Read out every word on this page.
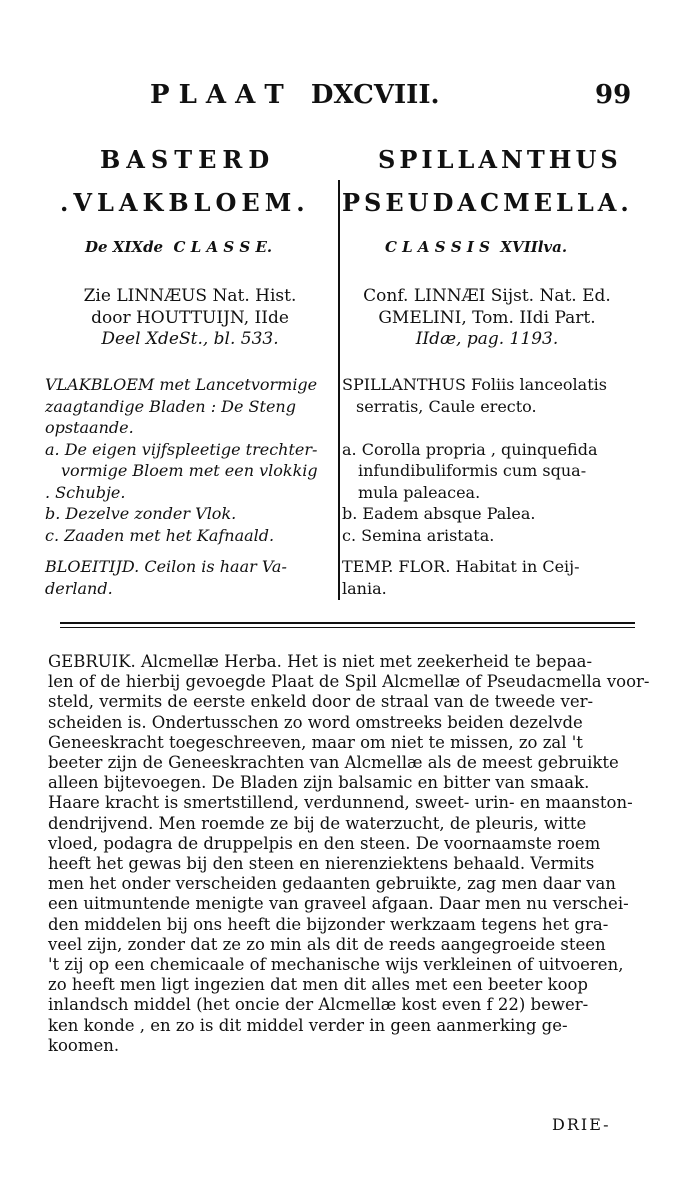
P L A A T   DXCVIII.	99
BASTERD
.VLAKBLOEM.
SPILLANTHUS
PSEUDACMELLA.
De XIXde  C L A S S E.	C L A S S I S  XVIIlva.
Zie LINNÆUS Nat. Hist.
door HOUTTUIJN, IIde
Deel XdeSt., bl. 533.
Conf. LINNÆI Sijst. Nat. Ed.
GMELINI, Tom. IIdi Part.
IIdæ, pag. 1193.
VLAKBLOEM met Lancetvormige
zaagtandige Bladen : De Steng
opstaande.
a. De eigen vijfspleetige trechter-
vormige Bloem met een vlokkig
. Schubje.
b. Dezelve zonder Vlok.
c. Zaaden met het Kafnaald.
SPILLANTHUS Foliis lanceolatis
serratis, Caule erecto.

a. Corolla propria , quinquefida
infundibuliformis cum squa-
mula paleacea.
b. Eadem absque Palea.
c. Semina aristata.
BLOEITIJD. Ceilon is haar Va-
derland.
TEMP. FLOR. Habitat in Ceij-
lania.
GEBRUIK. Alcmellæ Herba. Het is niet met zeekerheid te bepaa-
len of de hierbij gevoegde Plaat de Spil Alcmellæ of Pseudacmella voor-
steld, vermits de eerste enkeld door de straal van de tweede ver-
scheiden is. Ondertusschen zo word omstreeks beiden dezelvde
Geneeskracht toegeschreeven, maar om niet te missen, zo zal 't
beeter zijn de Geneeskrachten van Alcmellæ als de meest gebruikte
alleen bijtevoegen. De Bladen zijn balsamic en bitter van smaak.
Haare kracht is smertstillend, verdunnend, sweet- urin- en maanston-
dendrijvend. Men roemde ze bij de waterzucht, de pleuris, witte
vloed, podagra de druppelpis en den steen. De voornaamste roem
heeft het gewas bij den steen en nierenziektens behaald. Vermits
men het onder verscheiden gedaanten gebruikte, zag men daar van
een uitmuntende menigte van graveel afgaan. Daar men nu verschei-
den middelen bij ons heeft die bijzonder werkzaam tegens het gra-
veel zijn, zonder dat ze zo min als dit de reeds aangegroeide steen
't zij op een chemicaale of mechanische wijs verkleinen of uitvoeren,
zo heeft men ligt ingezien dat men dit alles met een beeter koop
inlandsch middel (het oncie der Alcmellæ kost even f 22) bewer-
ken konde , en zo is dit middel verder in geen aanmerking ge-
koomen.
DRIE-
